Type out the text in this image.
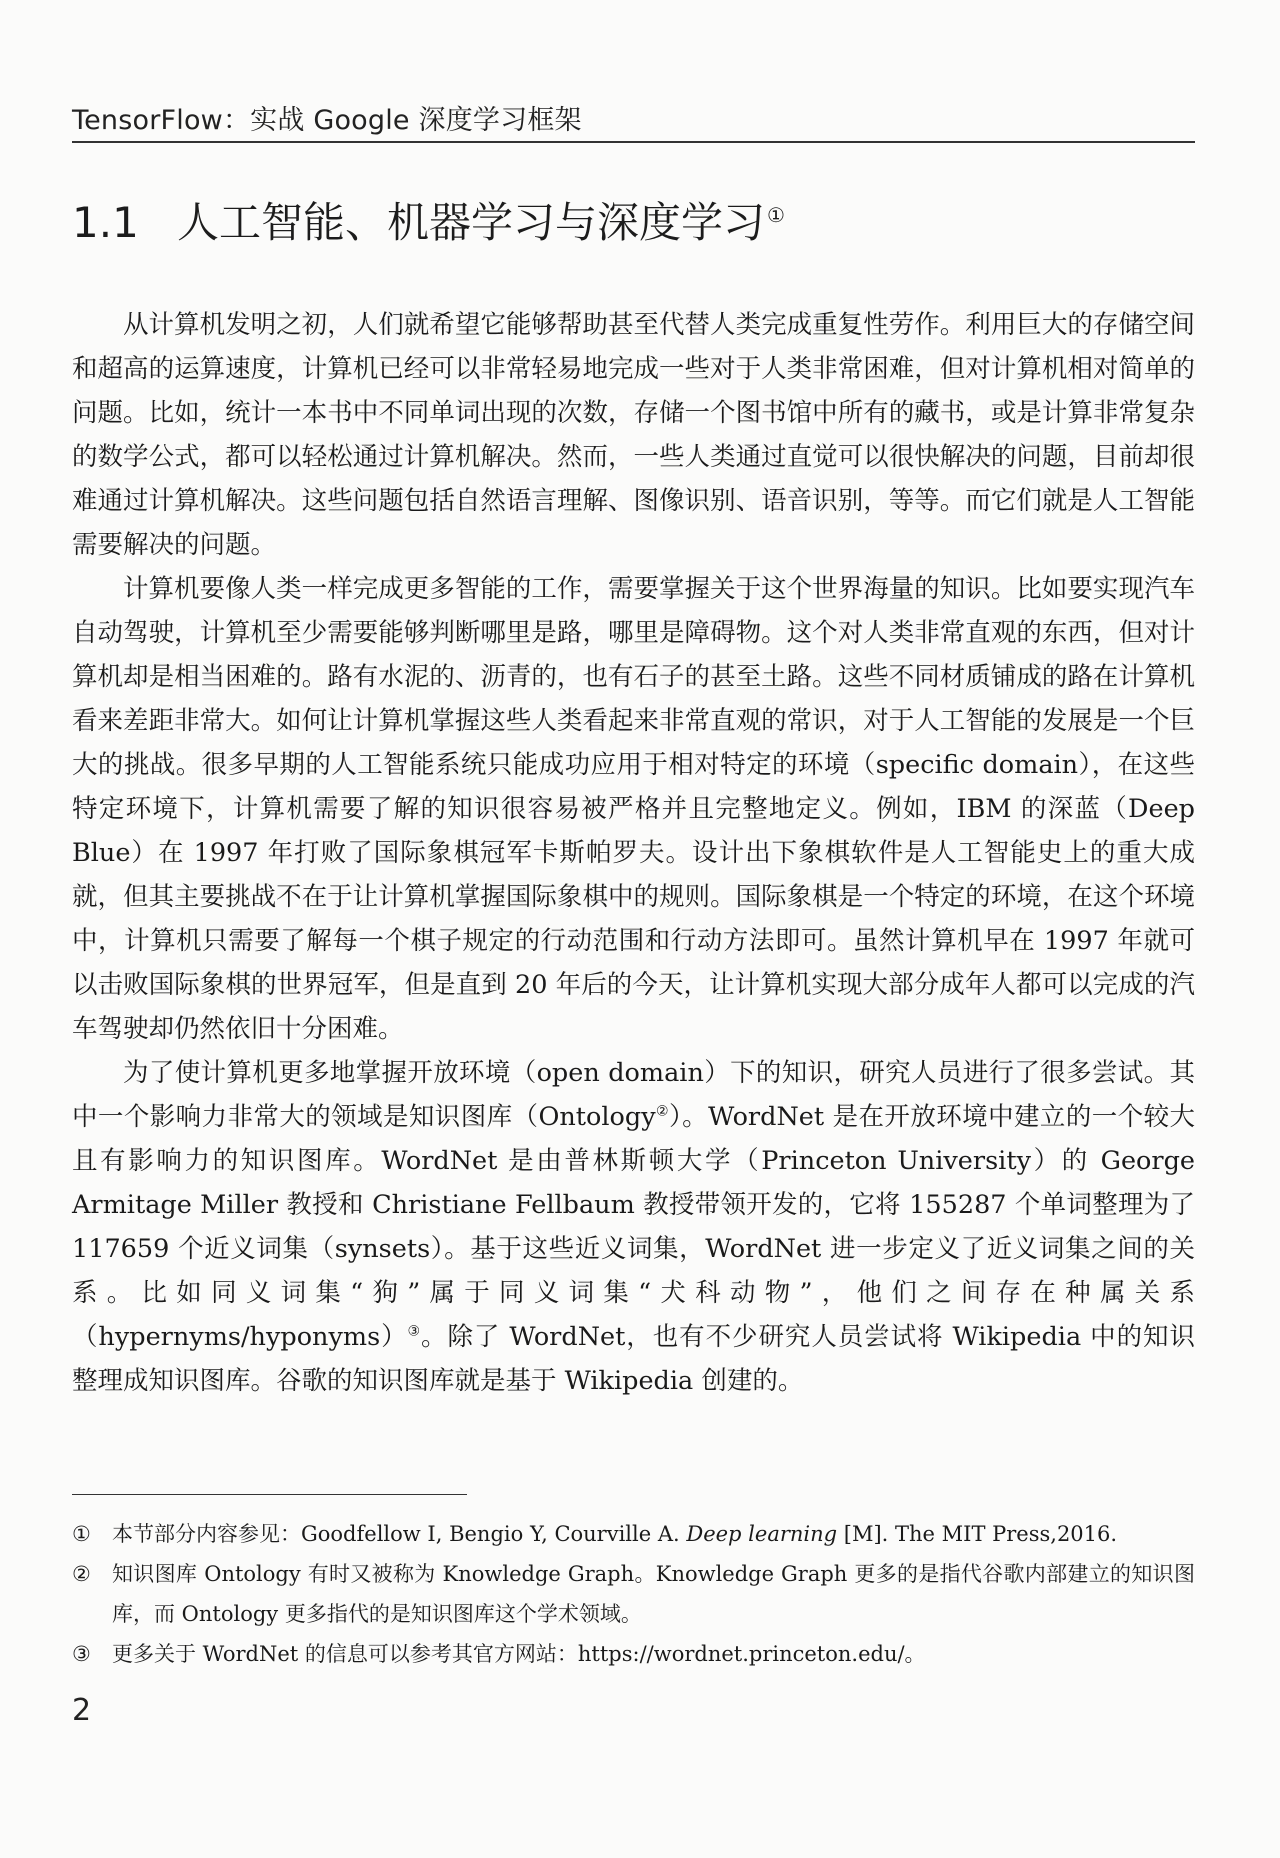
TensorFlow：实战 Google 深度学习框架
1.1 人工智能、机器学习与深度学习 ①

从计算机发明之初，人们就希望它能够帮助甚至代替人类完成重复性劳作。利用巨大的存储空间和超高的运算速度，计算机已经可以非常轻易地完成一些对于人类非常困难，但对计算机相对简单的问题。比如，统计一本书中不同单词出现的次数，存储一个图书馆中所有的藏书，或是计算非常复杂的数学公式，都可以轻松通过计算机解决。然而，一些人类通过直觉可以很快解决的问题，目前却很难通过计算机解决。这些问题包括自然语言理解、图像识别、语音识别，等等。而它们就是人工智能需要解决的问题。

计算机要像人类一样完成更多智能的工作，需要掌握关于这个世界海量的知识。比如要实现汽车自动驾驶，计算机至少需要能够判断哪里是路，哪里是障碍物。这个对人类非常直观的东西，但对计算机却是相当困难的。路有水泥的、沥青的，也有石子的甚至土路。这些不同材质铺成的路在计算机看来差距非常大。如何让计算机掌握这些人类看起来非常直观的常识，对于人工智能的发展是一个巨大的挑战。很多早期的人工智能系统只能成功应用于相对特定的环境（specific domain），在这些特定环境下，计算机需要了解的知识很容易被严格并且完整地定义。例如，IBM 的深蓝（Deep Blue）在 1997 年打败了国际象棋冠军卡斯帕罗夫。设计出下象棋软件是人工智能史上的重大成就，但其主要挑战不在于让计算机掌握国际象棋中的规则。国际象棋是一个特定的环境，在这个环境中，计算机只需要了解每一个棋子规定的行动范围和行动方法即可。虽然计算机早在 1997 年就可以击败国际象棋的世界冠军，但是直到 20 年后的今天，让计算机实现大部分成年人都可以完成的汽车驾驶却仍然依旧十分困难。

为了使计算机更多地掌握开放环境（open domain）下的知识，研究人员进行了很多尝试。其中一个影响力非常大的领域是知识图库（Ontology②）。WordNet 是在开放环境中建立的一个较大且有影响力的知识图库。WordNet 是由普林斯顿大学（Princeton University）的 George Armitage Miller 教授和 Christiane Fellbaum 教授带领开发的，它将 155287 个单词整理为了 117659 个近义词集（synsets）。基于这些近义词集，WordNet 进一步定义了近义词集之间的关系。比如同义词集“狗”属于同义词集“犬科动物”，他们之间存在种属关系（hypernyms/hyponyms）③。除了 WordNet，也有不少研究人员尝试将 Wikipedia 中的知识整理成知识图库。谷歌的知识图库就是基于 Wikipedia 创建的。

①	本节部分内容参见：Goodfellow I, Bengio Y, Courville A. Deep learning [M]. The MIT Press,2016.
②	知识图库 Ontology 有时又被称为 Knowledge Graph。Knowledge Graph 更多的是指代谷歌内部建立的知识图库，而 Ontology 更多指代的是知识图库这个学术领域。
③	更多关于 WordNet 的信息可以参考其官方网站：https://wordnet.princeton.edu/。
2
